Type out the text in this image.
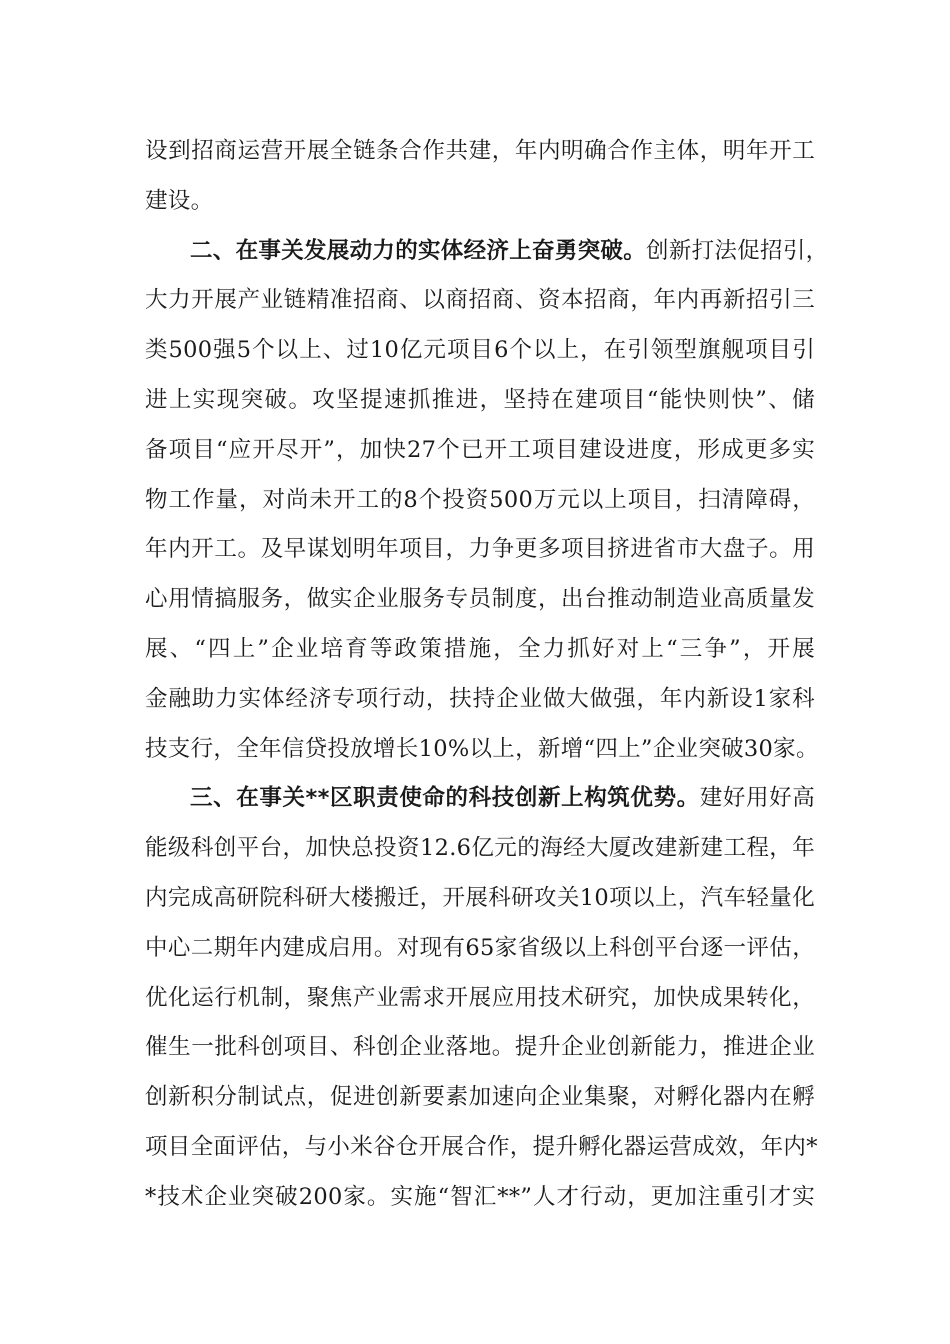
设到招商运营开展全链条合作共建，年内明确合作主体，明年开工
建设。
二、在事关发展动力的实体经济上奋勇突破。创新打法促招引，
大力开展产业链精准招商、以商招商、资本招商，年内再新招引三
类500强5个以上、过10亿元项目6个以上，在引领型旗舰项目引
进上实现突破。攻坚提速抓推进，坚持在建项目“能快则快”、储
备项目“应开尽开”，加快27个已开工项目建设进度，形成更多实
物工作量，对尚未开工的8个投资500万元以上项目，扫清障碍，
年内开工。及早谋划明年项目，力争更多项目挤进省市大盘子。用
心用情搞服务，做实企业服务专员制度，出台推动制造业高质量发
展、“四上”企业培育等政策措施，全力抓好对上“三争”，开展
金融助力实体经济专项行动，扶持企业做大做强，年内新设1家科
技支行，全年信贷投放增长10%以上，新增“四上”企业突破30家。
三、在事关**区职责使命的科技创新上构筑优势。建好用好高
能级科创平台，加快总投资12.6亿元的海经大厦改建新建工程，年
内完成高研院科研大楼搬迁，开展科研攻关10项以上，汽车轻量化
中心二期年内建成启用。对现有65家省级以上科创平台逐一评估，
优化运行机制，聚焦产业需求开展应用技术研究，加快成果转化，
催生一批科创项目、科创企业落地。提升企业创新能力，推进企业
创新积分制试点，促进创新要素加速向企业集聚，对孵化器内在孵
项目全面评估，与小米谷仓开展合作，提升孵化器运营成效，年内*
*技术企业突破200家。实施“智汇**”人才行动，更加注重引才实
